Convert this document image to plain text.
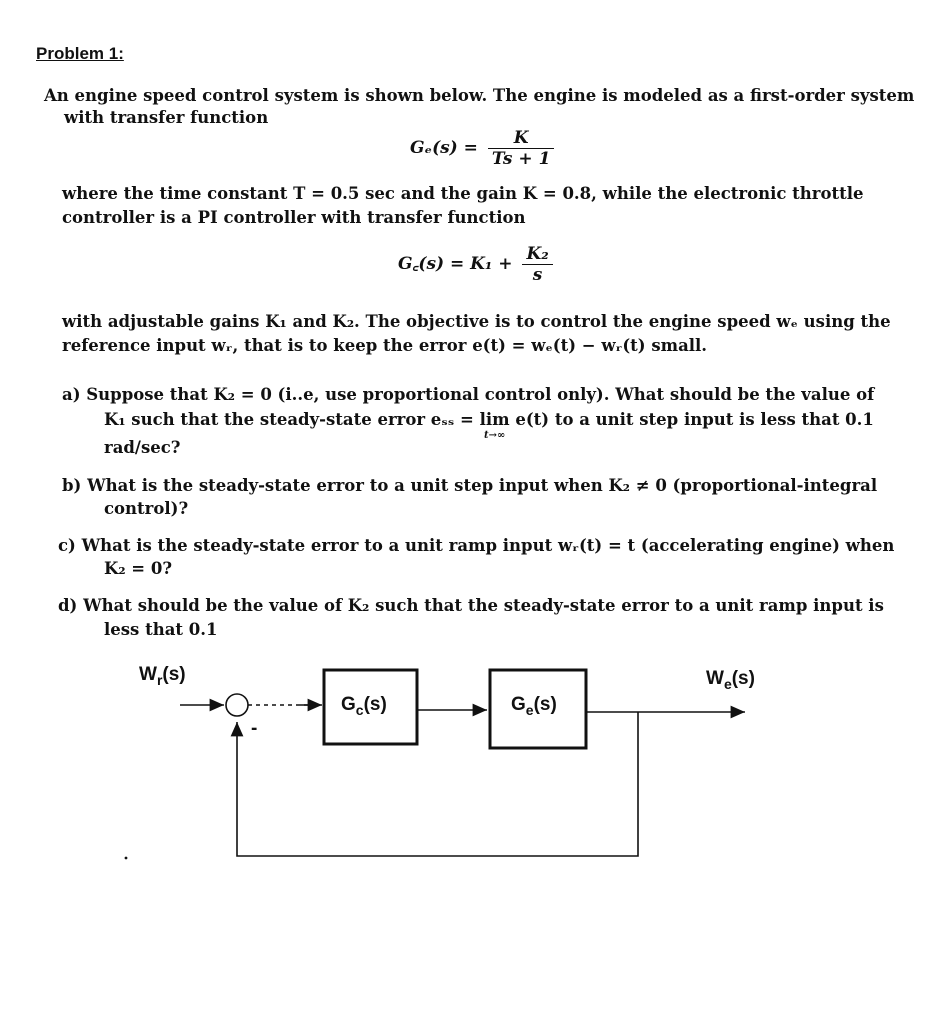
Problem 1:
An engine speed control system is shown below. The engine is modeled as a first-order system
with transfer function
$G_e(s) = \frac{K}{Ts + 1}$
where the time constant T = 0.5 sec and the gain K = 0.8, while the electronic throttle
controller is a PI controller with transfer function
G꜀(s) = $K_1 + \frac{\text{K₂}}{s}$
with adjustable gains K₁ and K₂. The objective is to control the engine speed wₑ using the
reference input wᵣ, that is to keep the error e(t) = wₑ(t) − wᵣ(t) small.
a) Suppose that K₂ = 0 (i..e, use proportional control only). What should be the value of
K₁ such that the steady-state error eₛₛ = lim e(t) to a unit step input is less that 0.1
t→∞
rad/sec?
b) What is the steady-state error to a unit step input when K₂ ≠ 0 (proportional-integral
control)?
c) What is the steady-state error to a unit ramp input wᵣ(t) = t (accelerating engine) when
K₂ = 0?
d) What should be the value of K₂ such that the steady-state error to a unit ramp input is
less that 0.1
$W_r(s)$
-
$G_c(s)$	$G_e(s)$
$W_e(s)$
